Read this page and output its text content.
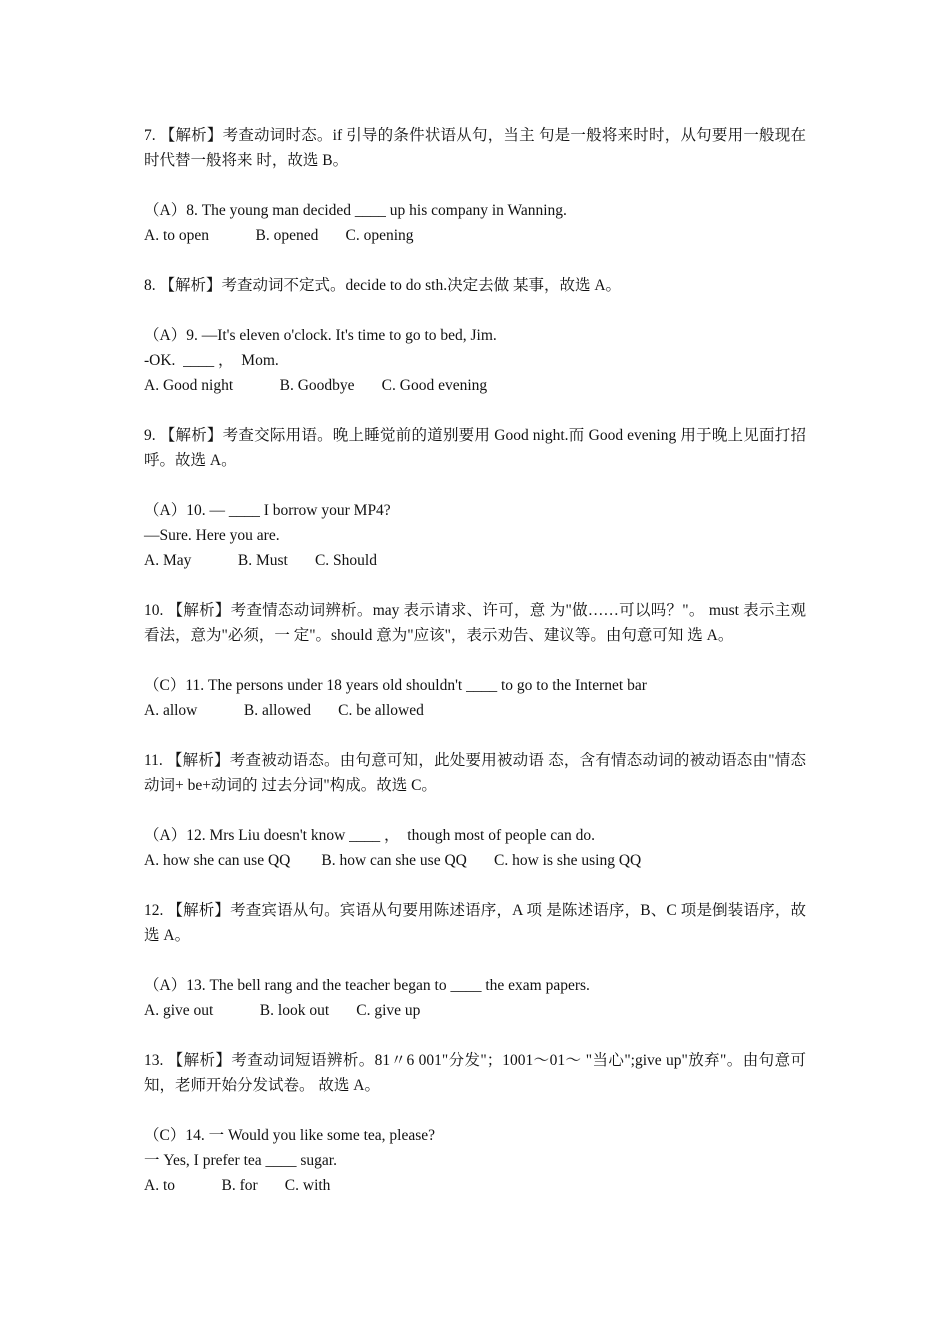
7. 【解析】考查动词时态。if 引导的条件状语从句，当主 句是一般将来时时，从句要用一般现在时代替一般将来 时，故选 B。
（A）8. The young man decided ____ up his company in Wanning.
A. to open            B. opened       C. opening
8. 【解析】考查动词不定式。decide to do sth.决定去做 某事，故选 A。
（A）9. —It's eleven o'clock. It's time to go to bed, Jim.
-OK.  ____ ，  Mom.
A. Good night            B. Goodbye       C. Good evening
9. 【解析】考查交际用语。晚上睡觉前的道别要用 Good night.而 Good evening 用于晚上见面打招呼。故选 A。
（A）10. — ____ I borrow your MP4?
—Sure. Here you are.
A. May            B. Must       C. Should
10. 【解析】考查情态动词辨析。may 表示请求、许可，意 为"做……可以吗？"。 must 表示主观看法，意为"必须，一 定"。should 意为"应该"，表示劝告、建议等。由句意可知 选 A。
（C）11. The persons under 18 years old shouldn't ____ to go to the Internet bar
A. allow            B. allowed       C. be allowed
11. 【解析】考查被动语态。由句意可知，此处要用被动语 态，含有情态动词的被动语态由"情态动词+ be+动词的 过去分词"构成。故选 C。
（A）12. Mrs Liu doesn't know ____ ，  though most of people can do.
A. how she can use QQ        B. how can she use QQ       C. how is she using QQ
12. 【解析】考查宾语从句。宾语从句要用陈述语序，A 项 是陈述语序，B、C 项是倒装语序，故选 A。
（A）13. The bell rang and the teacher began to ____ the exam papers.
A. give out            B. look out       C. give up
13. 【解析】考查动词短语辨析。81〃6 001"分发"；1001〜01〜 "当心";give up"放弃"。由句意可知，老师开始分发试卷。 故选 A。
（C）14. 一 Would you like some tea, please?
一 Yes, I prefer tea ____ sugar.
A. to            B. for       C. with
